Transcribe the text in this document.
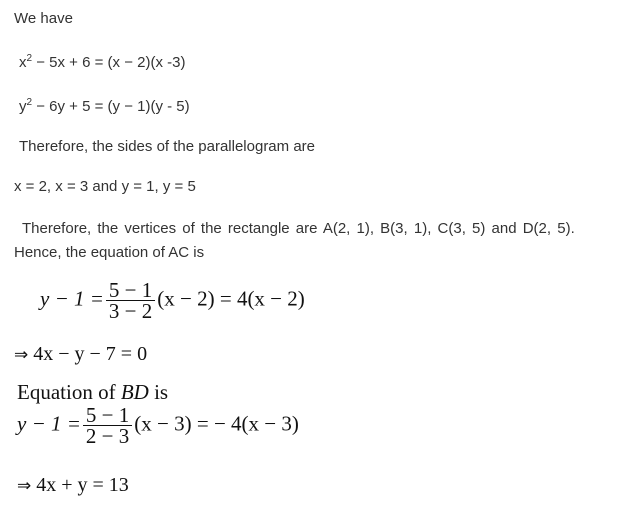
We have
$x^2 - 5x + 6 = (x - 2)(x$ -3)
$y^2 - 6y + 5 = (y - 1)(y - 5)$
Therefore, the sides of the parallelogram are
x = 2, x = 3 and y = 1, y = 5
Therefore, the vertices of the rectangle are A(2, 1), B(3, 1), C(3, 5) and D(2, 5).
Hence, the equation of AC is
$y - 1 = \frac{5 - 1}{3 - 2} (x - 2) = 4(x - 2)$
⇒ 4x − y − 7 = 0
Equation of BD is
$y - 1 = \frac{5 - 1}{2 - 3} (x - 3)$ = − 4(x − 3)
⇒ 4x + y = 13
